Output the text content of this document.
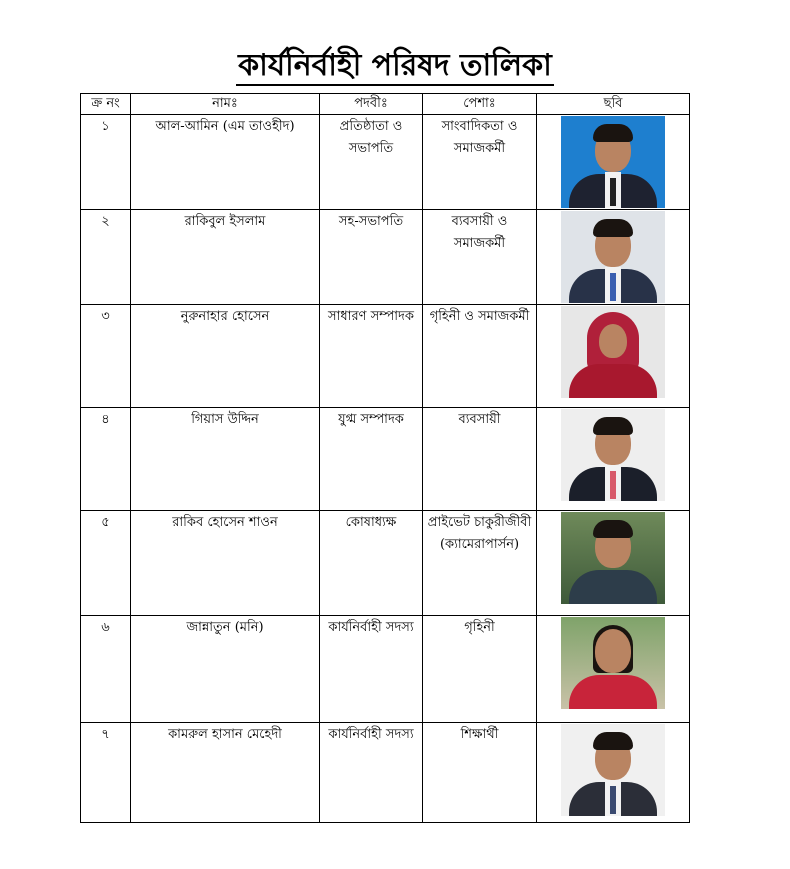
কার্যনির্বাহী পরিষদ তালিকা
ক্র নং	নামঃ	পদবীঃ	পেশাঃ	ছবি
১	আল-আমিন (এম তাওহীদ)	প্রতিষ্ঠাতা ও সভাপতি	সাংবাদিকতা ও সমাজকর্মী	

২	রাকিবুল ইসলাম	সহ-সভাপতি	ব্যবসায়ী ও সমাজকর্মী	

৩	নুরুনাহার হোসেন	সাধারণ সম্পাদক	গৃহিনী ও সমাজকর্মী	

৪	গিয়াস উদ্দিন	যুগ্ম সম্পাদক	ব্যবসায়ী	

৫	রাকিব হোসেন শাওন	কোষাধ্যক্ষ	প্রাইভেট চাকুরীজীবী (ক্যামেরাপার্সন)	

৬	জান্নাতুন (মনি)	কার্যনির্বাহী সদস্য	গৃহিনী	

৭	কামরুল হাসান মেহেদী	কার্যনির্বাহী সদস্য	শিক্ষার্থী	
